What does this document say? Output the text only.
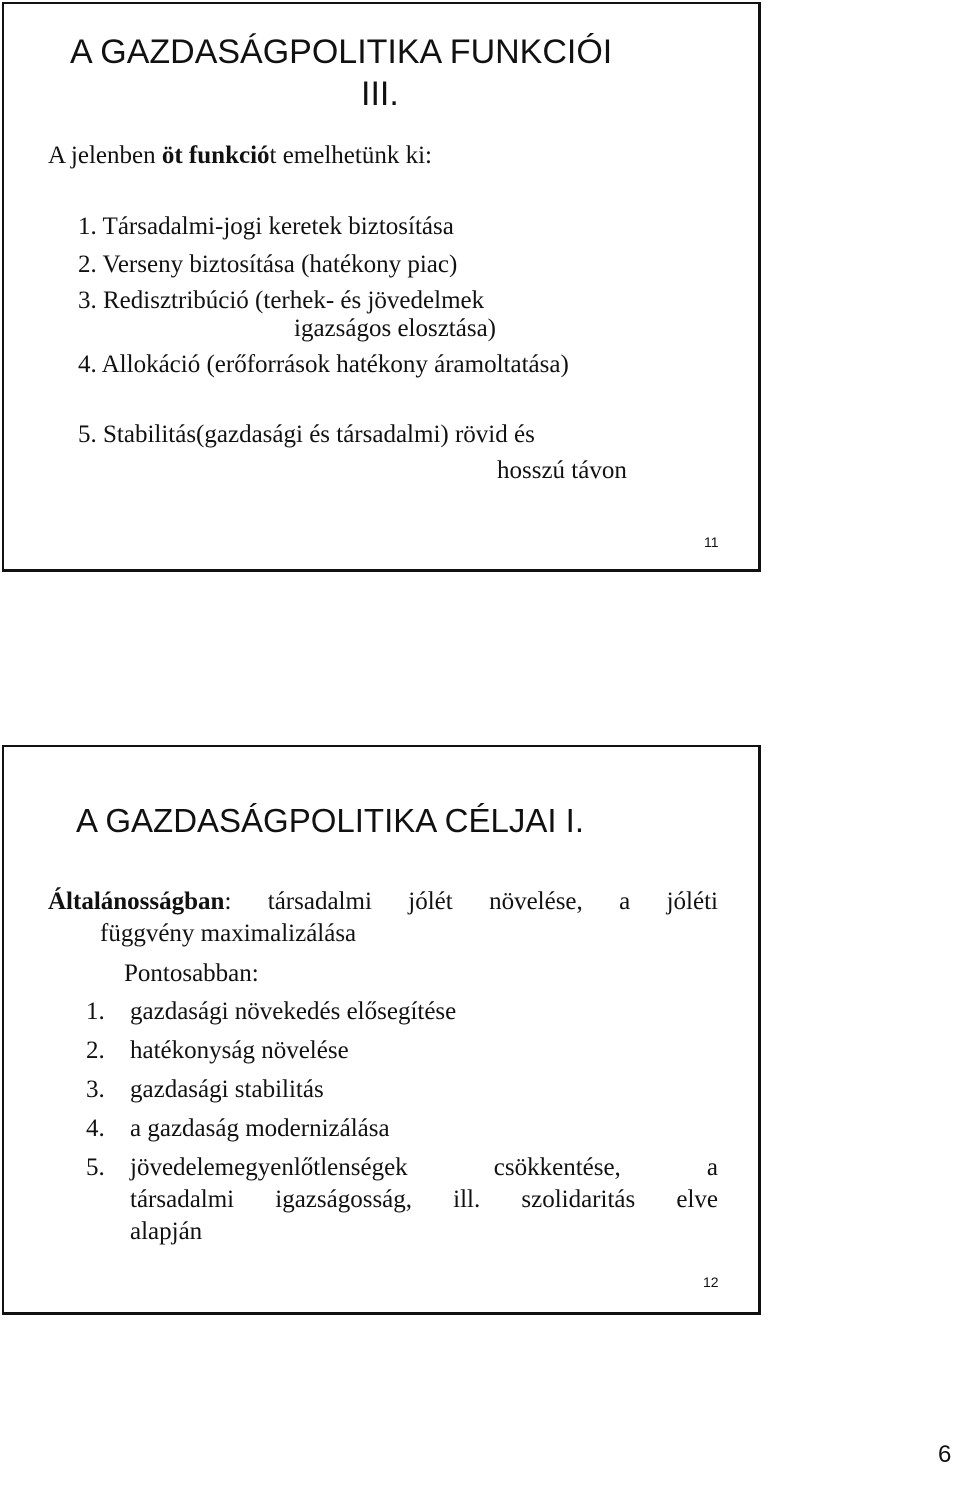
A GAZDASÁGPOLITIKA FUNKCIÓI
III.
A jelenben öt funkciót emelhetünk ki:
1. Társadalmi-jogi keretek biztosítása
2. Verseny biztosítása (hatékony piac)
3. Redisztribúció (terhek- és jövedelmek
igazságos elosztása)
4. Allokáció (erőforrások hatékony áramoltatása)
5. Stabilitás(gazdasági és társadalmi) rövid és
hosszú távon
11
A GAZDASÁGPOLITIKA CÉLJAI I.
Általánosságban: társadalmi jólét növelése, a jóléti
függvény maximalizálása
Pontosabban:
1. gazdasági növekedés elősegítése
2. hatékonyság növelése
3. gazdasági stabilitás
4. a gazdaság modernizálása
5. jövedelemegyenlőtlenségek csökkentése, a
társadalmi igazságosság, ill. szolidaritás elve
alapján
12
6
